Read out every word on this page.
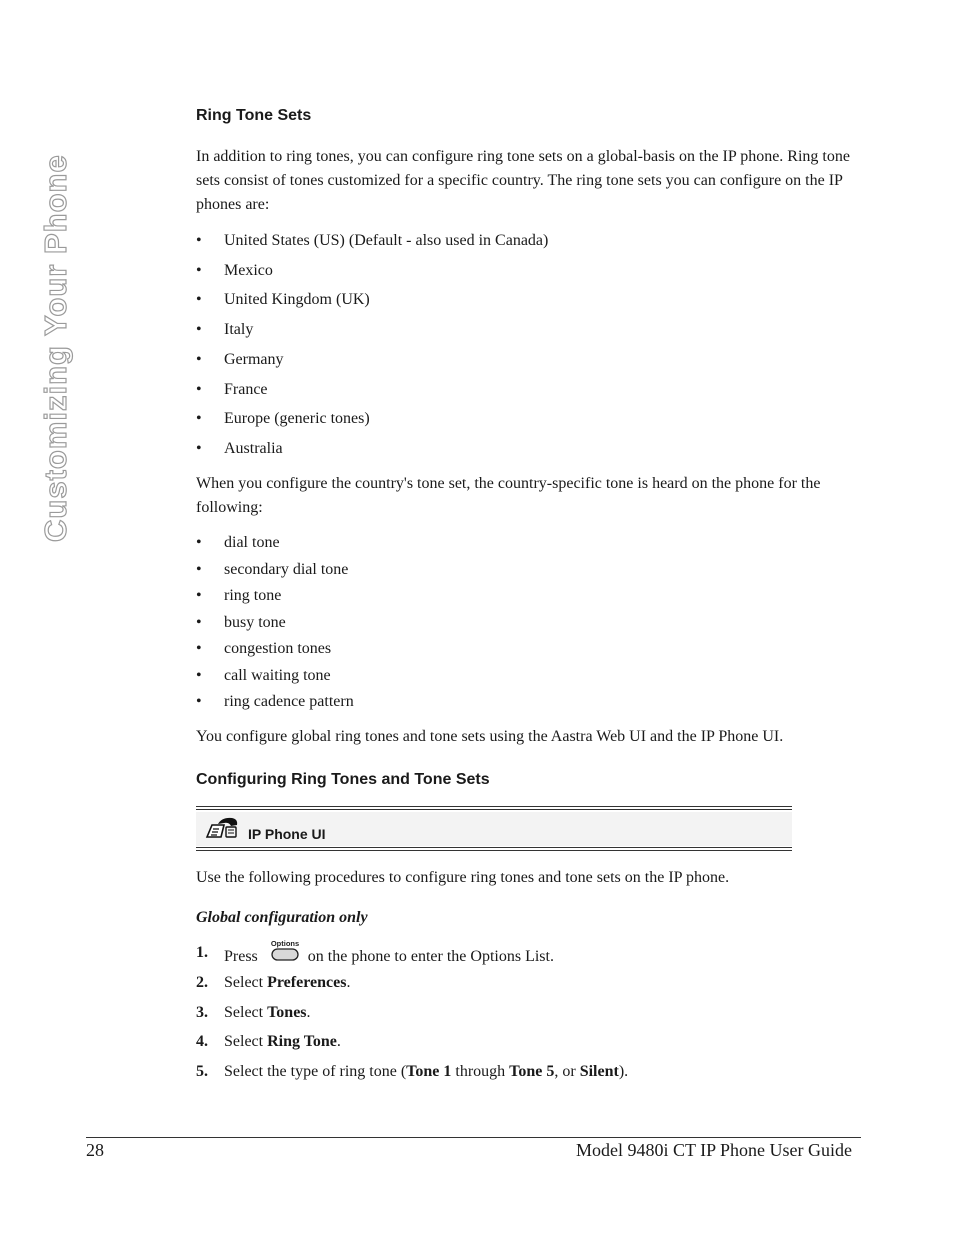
Customizing Your Phone
Ring Tone Sets

In addition to ring tones, you can configure ring tone sets on a global-basis on the IP phone. Ring tone sets consist of tones customized for a specific country. The ring tone sets you can configure on the IP phones are:

• United States (US) (Default - also used in Canada)
• Mexico
• United Kingdom (UK)
• Italy
• Germany
• France
• Europe (generic tones)
• Australia

When you configure the country's tone set, the country-specific tone is heard on the phone for the following:

• dial tone
• secondary dial tone
• ring tone
• busy tone
• congestion tones
• call waiting tone
• ring cadence pattern

You configure global ring tones and tone sets using the Aastra Web UI and the IP Phone UI.

Configuring Ring Tones and Tone Sets
IP Phone UI

Use the following procedures to configure ring tones and tone sets on the IP phone.

Global configuration only

1. Press
Options
on the phone to enter the Options List.
2. Select Preferences.
3. Select Tones.
4. Select Ring Tone.
5. Select the type of ring tone (Tone 1 through Tone 5, or Silent).
28	Model 9480i CT IP Phone User Guide
